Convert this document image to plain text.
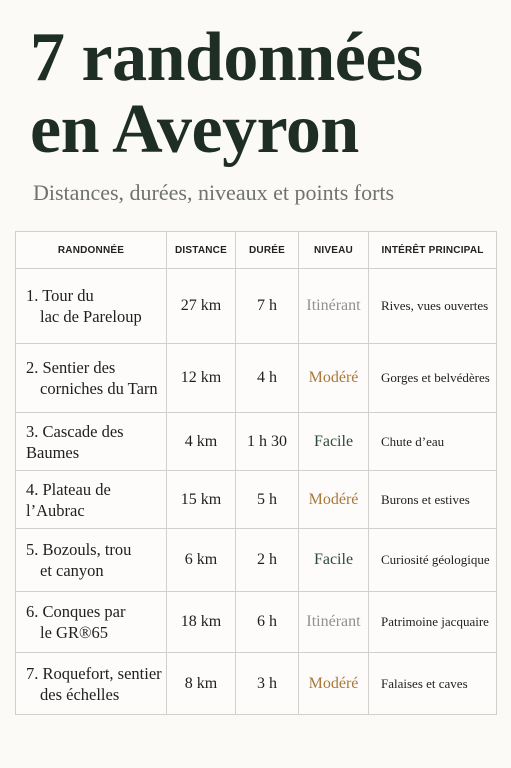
7 randonnées
en Aveyron

Distances, durées, niveaux et points forts

RANDONNÉE	DISTANCE	DURÉE	NIVEAU	INTÉRÊT PRINCIPAL
1. Tour du
lac de Pareloup	27 km	7 h	Itinérant	Rives, vues ouvertes
2. Sentier des
corniches du Tarn	12 km	4 h	Modéré	Gorges et belvédères
3. Cascade des Baumes	4 km	1 h 30	Facile	Chute d’eau
4. Plateau de l’Aubrac	15 km	5 h	Modéré	Burons et estives
5. Bozouls, trou
et canyon	6 km	2 h	Facile	Curiosité géologique
6. Conques par
le GR®65	18 km	6 h	Itinérant	Patrimoine jacquaire
7. Roquefort, sentier
des échelles	8 km	3 h	Modéré	Falaises et caves
